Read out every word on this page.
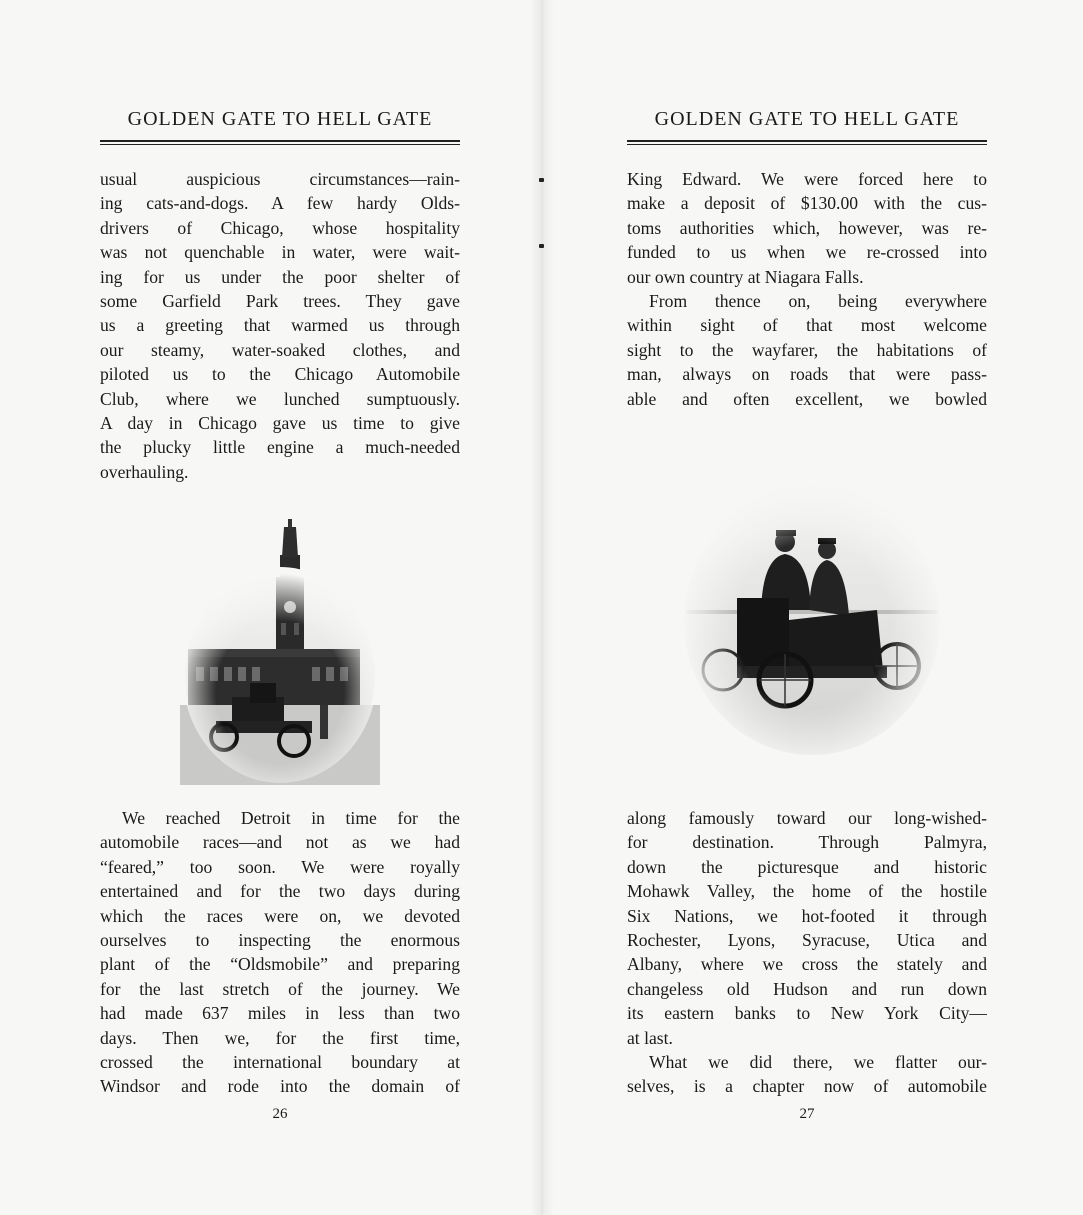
GOLDEN GATE TO HELL GATE
usual auspicious circumstances—rain-
ing cats-and-dogs. A few hardy Olds-
drivers of Chicago, whose hospitality
was not quenchable in water, were wait-
ing for us under the poor shelter of
some Garfield Park trees. They gave
us a greeting that warmed us through
our steamy, water-soaked clothes, and
piloted us to the Chicago Automobile
Club, where we lunched sumptuously.
A day in Chicago gave us time to give
the plucky little engine a much-needed
overhauling.
We reached Detroit in time for the
automobile races—and not as we had
“feared,” too soon. We were royally
entertained and for the two days during
which the races were on, we devoted
ourselves to inspecting the enormous
plant of the “Oldsmobile” and preparing
for the last stretch of the journey. We
had made 637 miles in less than two
days. Then we, for the first time,
crossed the international boundary at
Windsor and rode into the domain of
26
GOLDEN GATE TO HELL GATE
King Edward. We were forced here to
make a deposit of $130.00 with the cus-
toms authorities which, however, was re-
funded to us when we re-crossed into
our own country at Niagara Falls.
From thence on, being everywhere
within sight of that most welcome
sight to the wayfarer, the habitations of
man, always on roads that were pass-
able and often excellent, we bowled
along famously toward our long-wished-
for destination. Through Palmyra,
down the picturesque and historic
Mohawk Valley, the home of the hostile
Six Nations, we hot-footed it through
Rochester, Lyons, Syracuse, Utica and
Albany, where we cross the stately and
changeless old Hudson and run down
its eastern banks to New York City—
at last.
What we did there, we flatter our-
selves, is a chapter now of automobile
27
